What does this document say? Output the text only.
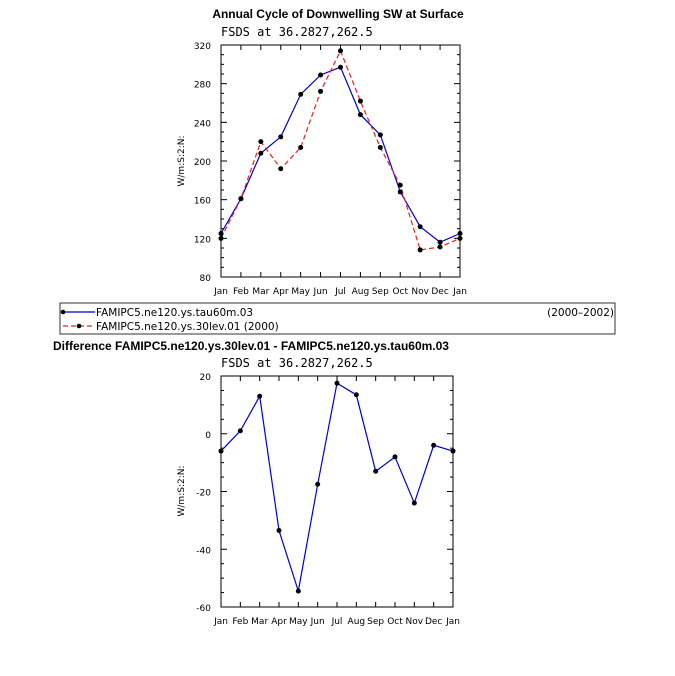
Annual Cycle of Downwelling SW at Surface
FSDS at 36.2827,262.5
Jan Feb Mar Apr May Jun Jul Aug Sep Oct Nov Dec Jan
80
120
160
200
240
280
320
W/m:S:2:N:
FAMIPC5.ne120.ys.tau60m.03	(2000–2002)
FAMIPC5.ne120.ys.30lev.01 (2000)
Difference FAMIPC5.ne120.ys.30lev.01 - FAMIPC5.ne120.ys.tau60m.03
FSDS at 36.2827,262.5
Jan Feb Mar Apr May Jun Jul Aug Sep Oct Nov Dec Jan
-60
-40
-20
0
20
W/m:S:2:N:
